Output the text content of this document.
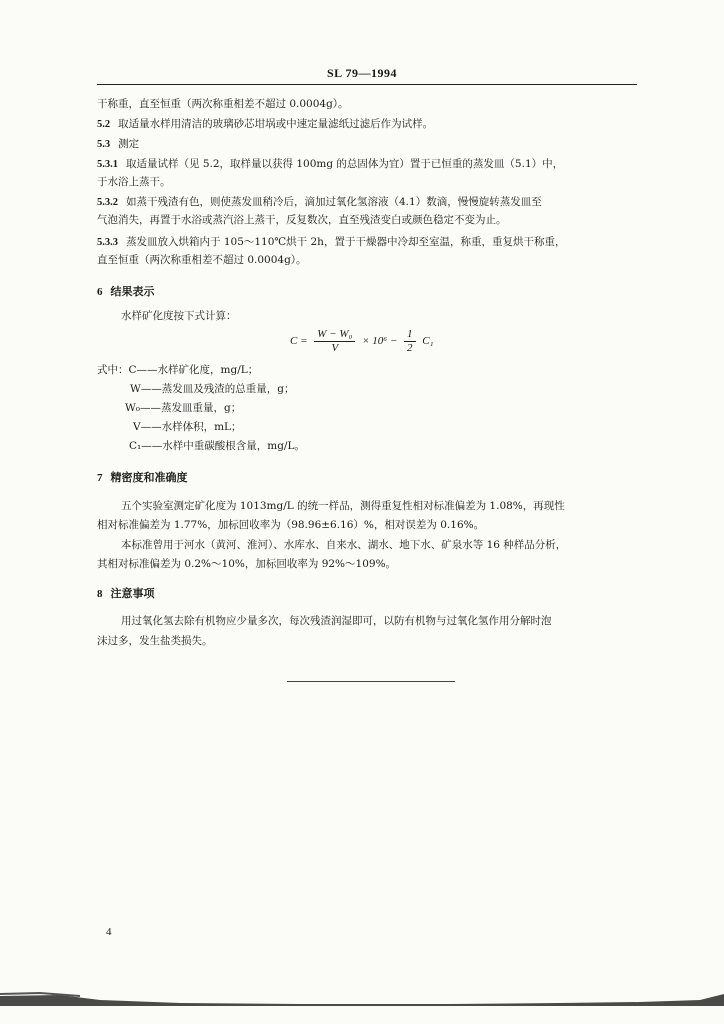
SL 79—1994
干称重，直至恒重（两次称重相差不超过 0.0004g）。
5.2 取适量水样用清洁的玻璃砂芯坩埚或中速定量滤纸过滤后作为试样。
5.3 测定
5.3.1 取适量试样（见 5.2，取样量以获得 100mg 的总固体为宜）置于已恒重的蒸发皿（5.1）中，
于水浴上蒸干。
5.3.2 如蒸干残渣有色，则使蒸发皿稍冷后，滴加过氧化氢溶液（4.1）数滴，慢慢旋转蒸发皿至
气泡消失，再置于水浴或蒸汽浴上蒸干，反复数次，直至残渣变白或颜色稳定不变为止。
5.3.3 蒸发皿放入烘箱内于 105～110℃烘干 2h，置于干燥器中冷却至室温，称重，重复烘干称重，
直至恒重（两次称重相差不超过 0.0004g）。
6 结果表示
水样矿化度按下式计算：
$C = \frac{\text{W − W₀}}{V} \times 10^6 - \frac{1}{2} C_1$
式中：C——水样矿化度，mg/L；
W——蒸发皿及残渣的总重量，g；
W₀——蒸发皿重量，g；
V——水样体积，mL；
C₁——水样中重碳酸根含量，mg/L。
7 精密度和准确度
五个实验室测定矿化度为 1013mg/L 的统一样品，测得重复性相对标准偏差为 1.08%，再现性
相对标准偏差为 1.77%，加标回收率为（98.96±6.16）%，相对误差为 0.16%。
本标准曾用于河水（黄河、淮河）、水库水、自来水、湖水、地下水、矿泉水等 16 种样品分析，
其相对标准偏差为 0.2%～10%，加标回收率为 92%～109%。
8 注意事项
用过氧化氢去除有机物应少量多次，每次残渣润湿即可，以防有机物与过氧化氢作用分解时泡
沫过多，发生盐类损失。
4
